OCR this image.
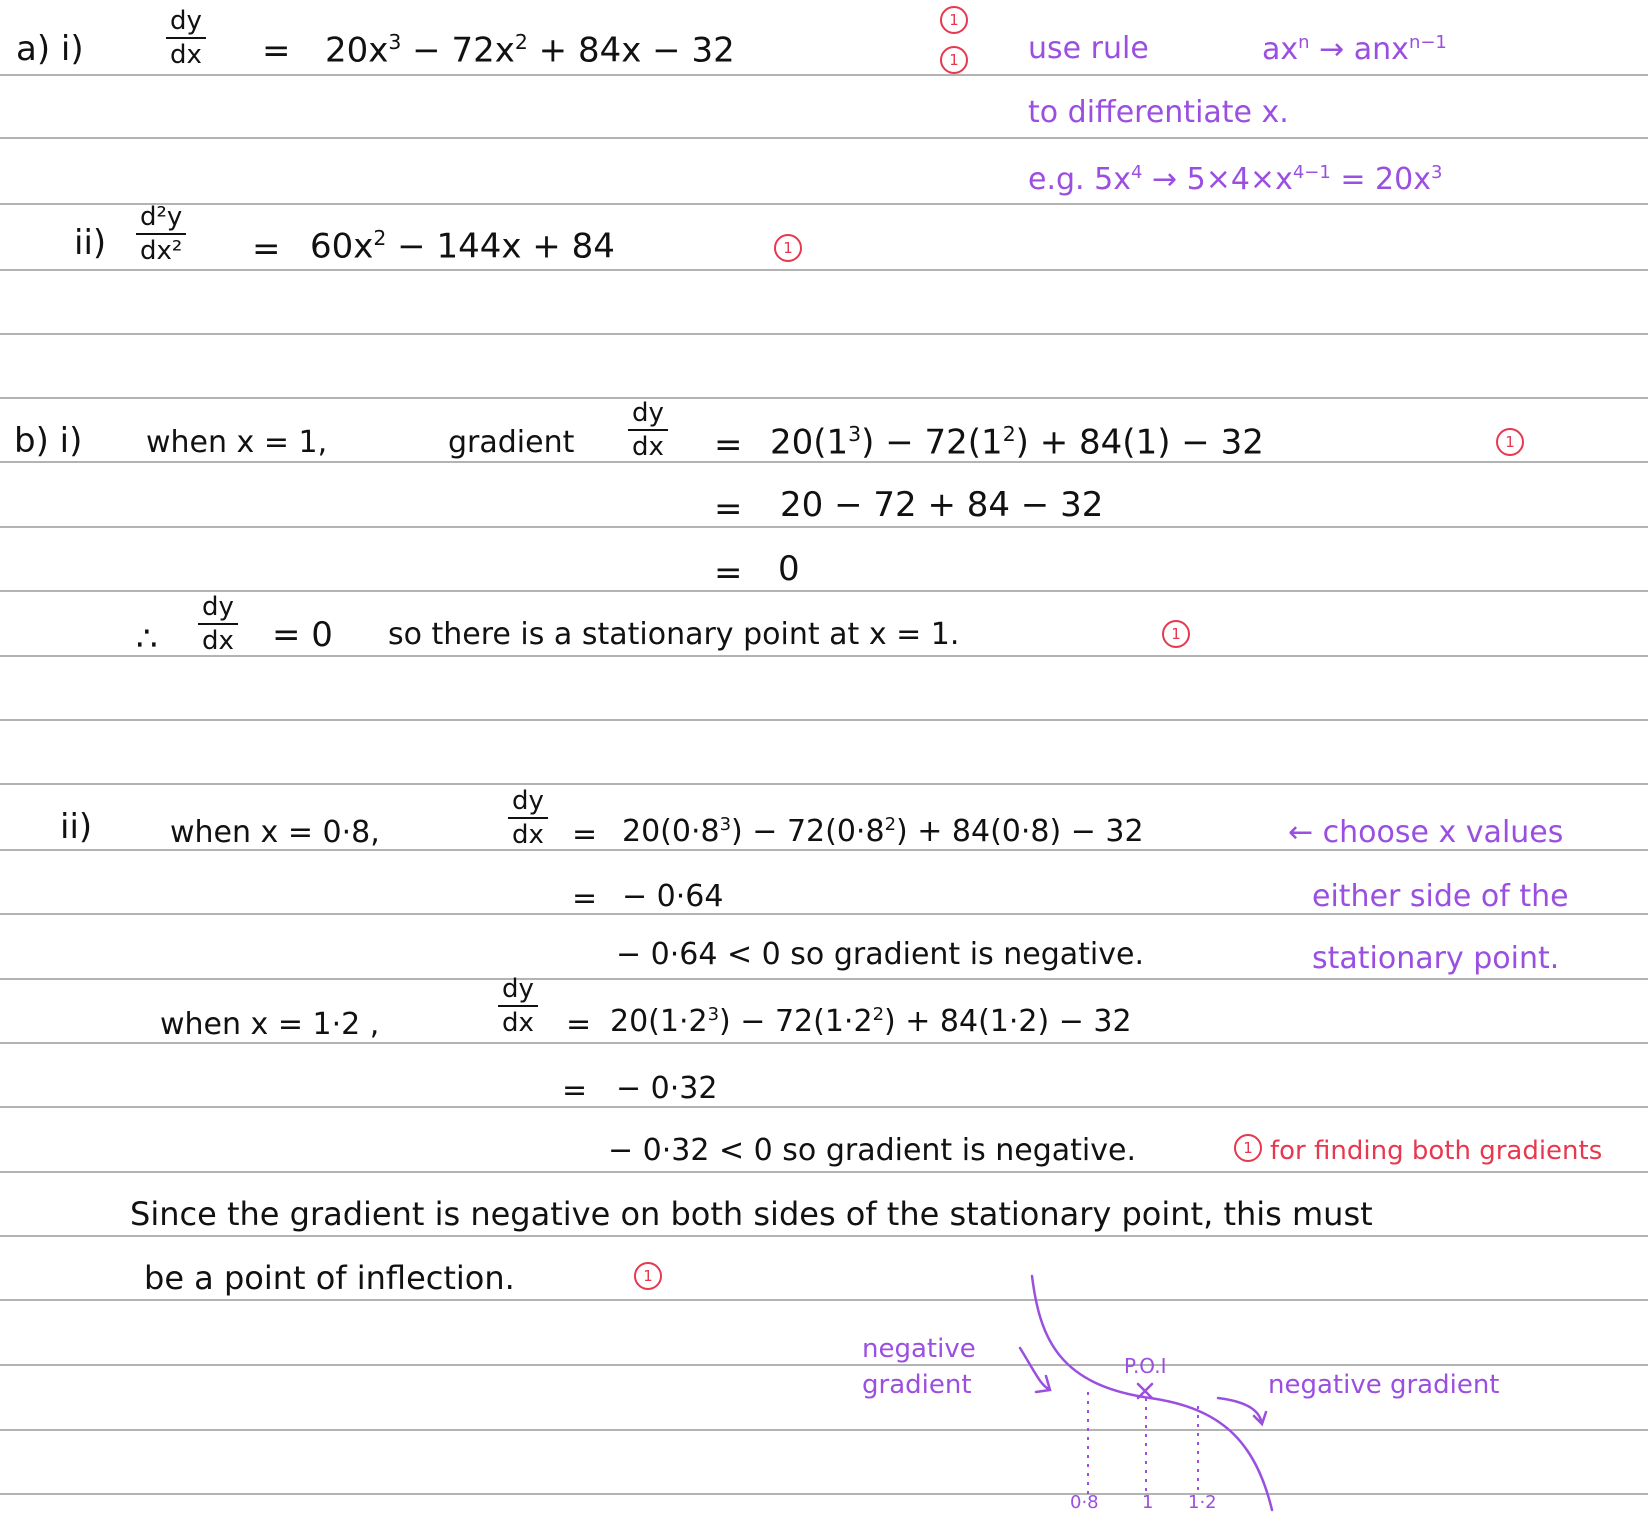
a) i)	$\frac{dy}{dx} = 20x^3 - 72x^2 + 84x - 32$
1
1	use rule	$ax^n \to anx^{n-1}$
to differentiate x.
e.g. $5x^4 \to 5\times 4\times x^{4-1} = 20x^3$
$ii) \frac{\text{d²y}}{\text{dx²}} = 60x^2 - 144x + 84$	1
b) i) when x = 1,	gradient $\frac{dy}{dx} = 20(1^3) - 72(1^2) + 84(1) - 32$	1
= 20 − 72 + 84 − 32
= 0
∴ $\frac{dy}{dx} = 0$ so there is a stationary point at x = 1.	1
ii)	when x = 0·8,	$\frac{dy}{dx} = 20(0\cdot 8^3) - 72(0\cdot 8^2) + 84(0\cdot 8) - 32$
= − 0·64
− 0·64 < 0 so gradient is negative.
← choose x values
either side of the
stationary point.
when x = 1·2 ,	$\frac{dy}{dx} = 20(1\cdot 2^3) - 72(1\cdot 2^2) + 84(1\cdot 2) - 32$
= − 0·32
− 0·32 < 0 so gradient is negative.	1 for finding both gradients
Since the gradient is negative on both sides of the stationary point, this must
be a point of inflection.	1
negative
gradient
P.O.I
negative gradient
0·8 1 1·2
